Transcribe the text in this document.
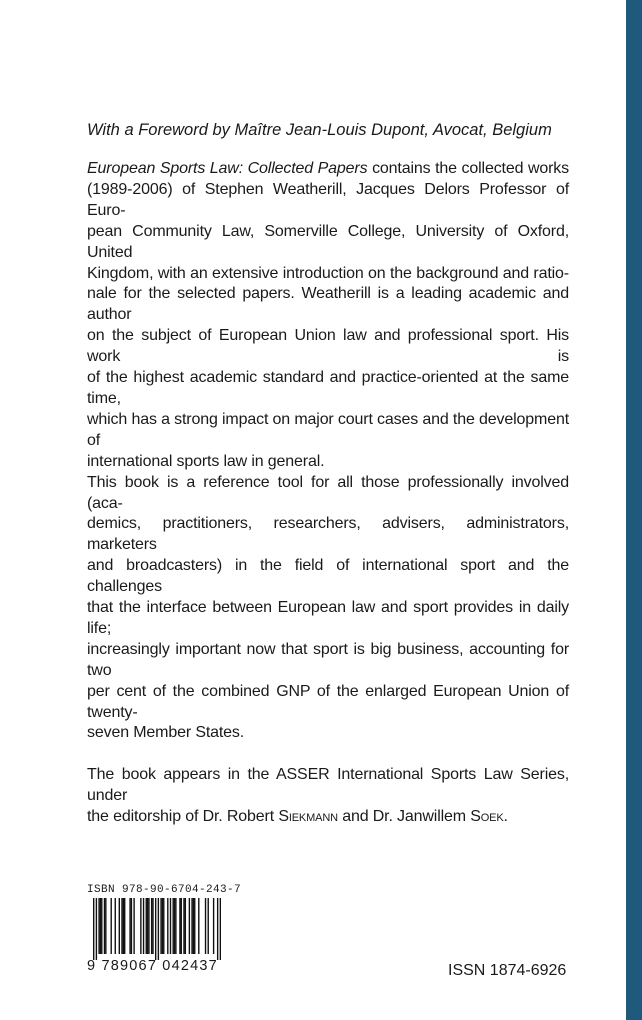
With a Foreword by Maître Jean-Louis Dupont, Avocat, Belgium

European Sports Law: Collected Papers contains the collected works
(1989-2006) of Stephen Weatherill, Jacques Delors Professor of Euro-
pean Community Law, Somerville College, University of Oxford, United
Kingdom, with an extensive introduction on the background and ratio-
nale for the selected papers. Weatherill is a leading academic and author
on the subject of European Union law and professional sport. His work is
of the highest academic standard and practice-oriented at the same time,
which has a strong impact on major court cases and the development of
international sports law in general.

This book is a reference tool for all those professionally involved (aca-
demics, practitioners, researchers, advisers, administrators, marketers
and broadcasters) in the field of international sport and the challenges
that the interface between European law and sport provides in daily life;
increasingly important now that sport is big business, accounting for two
per cent of the combined GNP of the enlarged European Union of twenty-
seven Member States.

The book appears in the ASSER International Sports Law Series, under
the editorship of Dr. Robert Siekmann and Dr. Janwillem Soek.

ISBN 978-90-6704-243-7
9 789067 042437	ISSN 1874-6926
